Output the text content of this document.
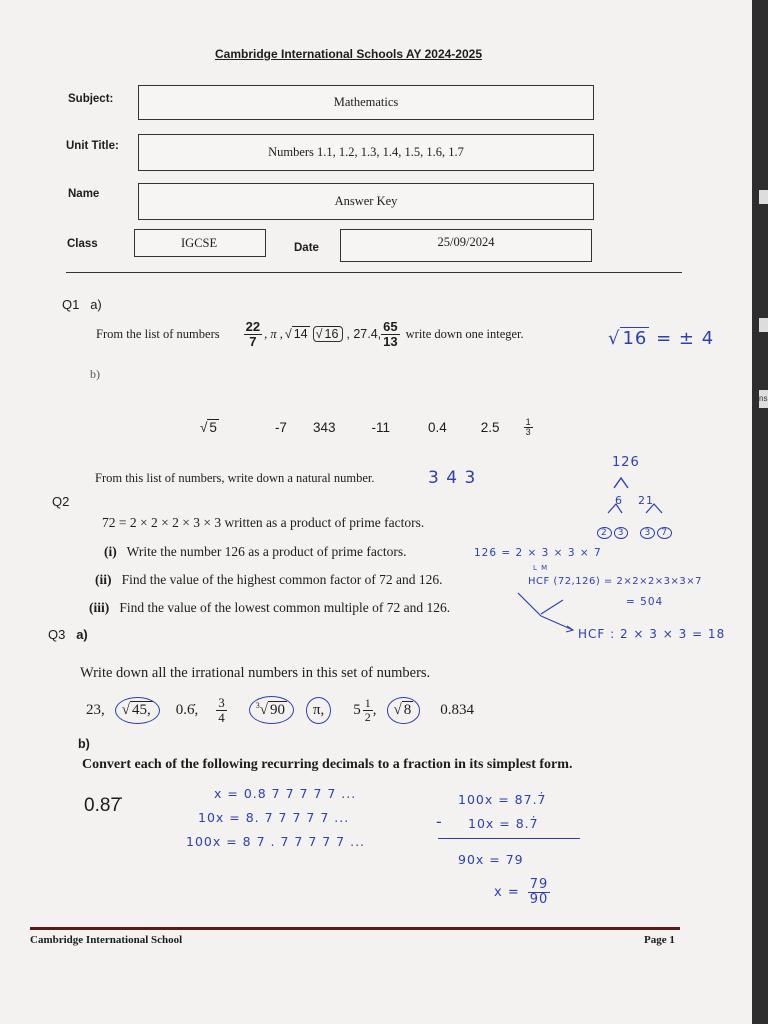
Cambridge International Schools AY 2024-2025
Subject:	Mathematics
Unit Title:	Numbers 1.1, 1.2, 1.3, 1.4, 1.5, 1.6, 1.7
Name	Answer Key
Class	IGCSE	Date	25/09/2024
Q1 a)
From the list of numbers $\frac{22}{7}$ , π , √ 14 √ 16 , 27.4, $\frac{65}{13}$ write down one integer.	√ 16 = ± 4
b)
√ 5	-7 343	-11	0.4	2.5	$\frac{1}{3}$
From this list of numbers, write down a natural number.	3 4 3
126
6 21
2	3	3	7
Q2
72 = 2 × 2 × 2 × 3 × 3 written as a product of prime factors.
(i) Write the number 126 as a product of prime factors.	126 = 2 × 3 × 3 × 7
(ii) Find the value of the highest common factor of 72 and 126.
L M
HCF (72,126) = 2×2×2×3×3×7
= 504
(iii) Find the value of the lowest common multiple of 72 and 126.
HCF : 2 × 3 × 3 = 18
Q3 a)
Write down all the irrational numbers in this set of numbers.
23,	√ 45,	0.6̇, $\frac{3}{4}$	$^3$√ 90	π,	$5 \frac{1}{2}$ ,	√ 8	0.834
b)
Convert each of the following recurring decimals to a fraction in its simplest form.
0.87̇
x = 0.8 7 7 7 7 7 ...
10x = 8. 7 7 7 7 7 ...
100x = 8 7 . 7 7 7 7 7 ...
100x = 87.7̇
10x = 8.7̇
90x = 79
-
$x = \frac{79}{90}$
Cambridge International School	Page 1
ns
